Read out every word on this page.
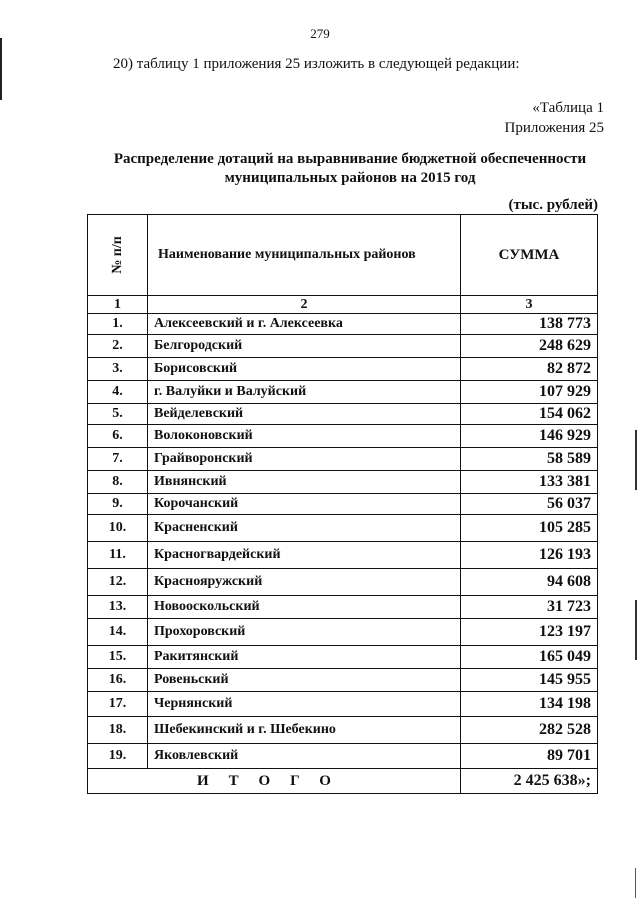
279
20) таблицу 1 приложения 25 изложить в следующей редакции:
«Таблица 1
Приложения 25
Распределение дотаций на выравнивание бюджетной обеспеченности
муниципальных районов на 2015 год
(тыс. рублей)
№ п/п	Наименование муниципальных районов	СУММА
1	2	3
1.	Алексеевский и г. Алексеевка	138 773
2.	Белгородский	248 629
3.	Борисовский	82 872
4.	г. Валуйки и Валуйский	107 929
5.	Вейделевский	154 062
6.	Волоконовский	146 929
7.	Грайворонский	58 589
8.	Ивнянский	133 381
9.	Корочанский	56 037
10.	Красненский	105 285
11.	Красногвардейский	126 193
12.	Краснояружский	94 608
13.	Новооскольский	31 723
14.	Прохоровский	123 197
15.	Ракитянский	165 049
16.	Ровеньский	145 955
17.	Чернянский	134 198
18.	Шебекинский и г. Шебекино	282 528
19.	Яковлевский	89 701
ИТОГО		2 425 638»;
